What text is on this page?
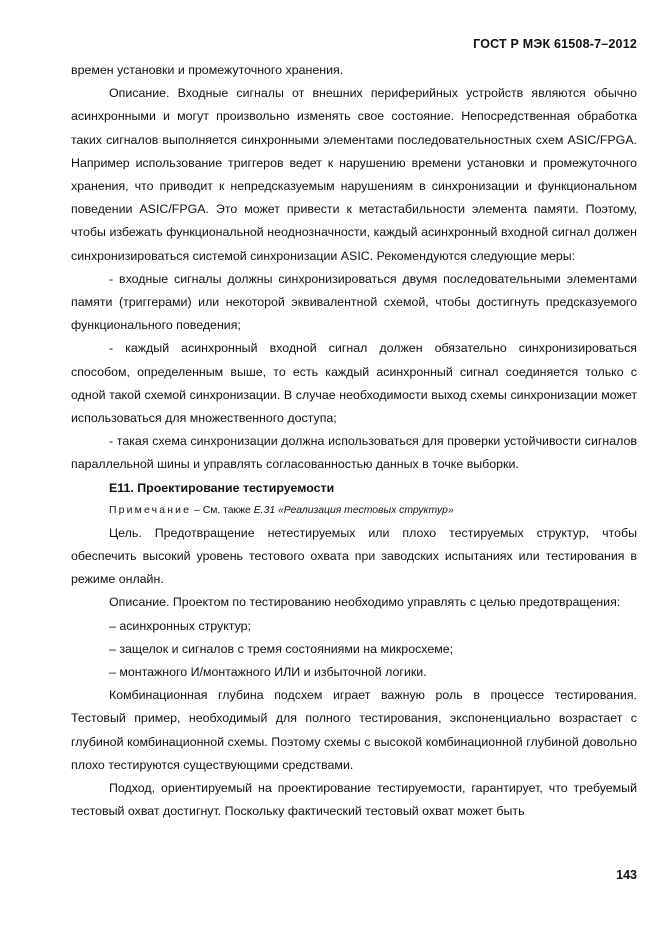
ГОСТ Р МЭК 61508-7–2012

времен установки и промежуточного хранения.

Описание. Входные сигналы от внешних периферийных устройств являются обычно асинхронными и могут произвольно изменять свое состояние. Непосредственная обработка таких сигналов выполняется синхронными элементами последовательностных схем ASIC/FPGA. Например использование триггеров ведет к нарушению времени установки и промежуточного хранения, что приводит к непредсказуемым нарушениям в синхронизации и функциональном поведении ASIC/FPGA. Это может привести к метастабильности элемента памяти. Поэтому, чтобы избежать функциональной неоднозначности, каждый асинхронный входной сигнал должен синхронизироваться системой синхронизации ASIC. Рекомендуются следующие меры:

- входные сигналы должны синхронизироваться двумя последовательными элементами памяти (триггерами) или некоторой эквивалентной схемой, чтобы достигнуть предсказуемого функционального поведения;

- каждый асинхронный входной сигнал должен обязательно синхронизироваться способом, определенным выше, то есть каждый асинхронный сигнал соединяется только с одной такой схемой синхронизации. В случае необходимости выход схемы синхронизации может использоваться для множественного доступа;

- такая схема синхронизации должна использоваться для проверки устойчивости сигналов параллельной шины и управлять согласованностью данных в точке выборки.

Е11. Проектирование тестируемости

Примечание – См. также Е.31 «Реализация тестовых структур»

Цель. Предотвращение нетестируемых или плохо тестируемых структур, чтобы обеспечить высокий уровень тестового охвата при заводских испытаниях или тестирования в режиме онлайн.

Описание. Проектом по тестированию необходимо управлять с целью предотвращения:

– асинхронных структур;

– защелок и сигналов с тремя состояниями на микросхеме;

– монтажного И/монтажного ИЛИ и избыточной логики.

Комбинационная глубина подсхем играет важную роль в процессе тестирования. Тестовый пример, необходимый для полного тестирования, экспоненциально возрастает с глубиной комбинационной схемы. Поэтому схемы с высокой комбинационной глубиной довольно плохо тестируются существующими средствами.

Подход, ориентируемый на проектирование тестируемости, гарантирует, что требуемый тестовый охват достигнут. Поскольку фактический тестовый охват может быть

143
